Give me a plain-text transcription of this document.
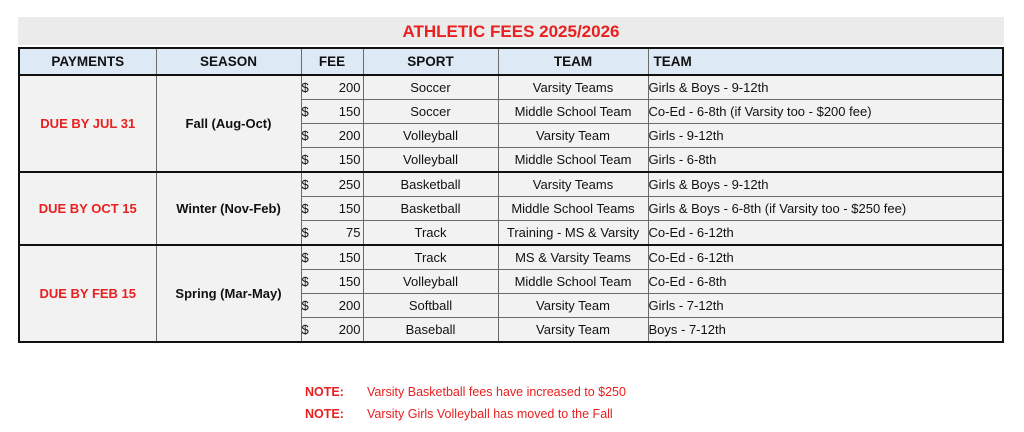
ATHLETIC FEES 2025/2026
PAYMENTS	SEASON	FEE	SPORT	TEAM	TEAM
DUE BY JUL 31	Fall (Aug-Oct)	$ 200	Soccer	Varsity Teams	Girls & Boys - 9-12th

		$ 150	Soccer	Middle School Team	Co-Ed - 6-8th (if Varsity too - $200 fee)

		$ 200	Volleyball	Varsity Team	Girls - 9-12th

		$ 150	Volleyball	Middle School Team	Girls - 6-8th
DUE BY OCT 15	Winter (Nov-Feb)	$ 250	Basketball	Varsity Teams	Girls & Boys - 9-12th

		$ 150	Basketball	Middle School Teams	Girls & Boys - 6-8th (if Varsity too - $250 fee)

		$ 75	Track	Training - MS & Varsity	Co-Ed - 6-12th
DUE BY FEB 15	Spring (Mar-May)	$ 150	Track	MS & Varsity Teams	Co-Ed - 6-12th

		$ 150	Volleyball	Middle School Team	Co-Ed - 6-8th

		$ 200	Softball	Varsity Team	Girls - 7-12th

		$ 200	Baseball	Varsity Team	Boys - 7-12th
NOTE: Varsity Basketball fees have increased to $250
NOTE: Varsity Girls Volleyball has moved to the Fall
